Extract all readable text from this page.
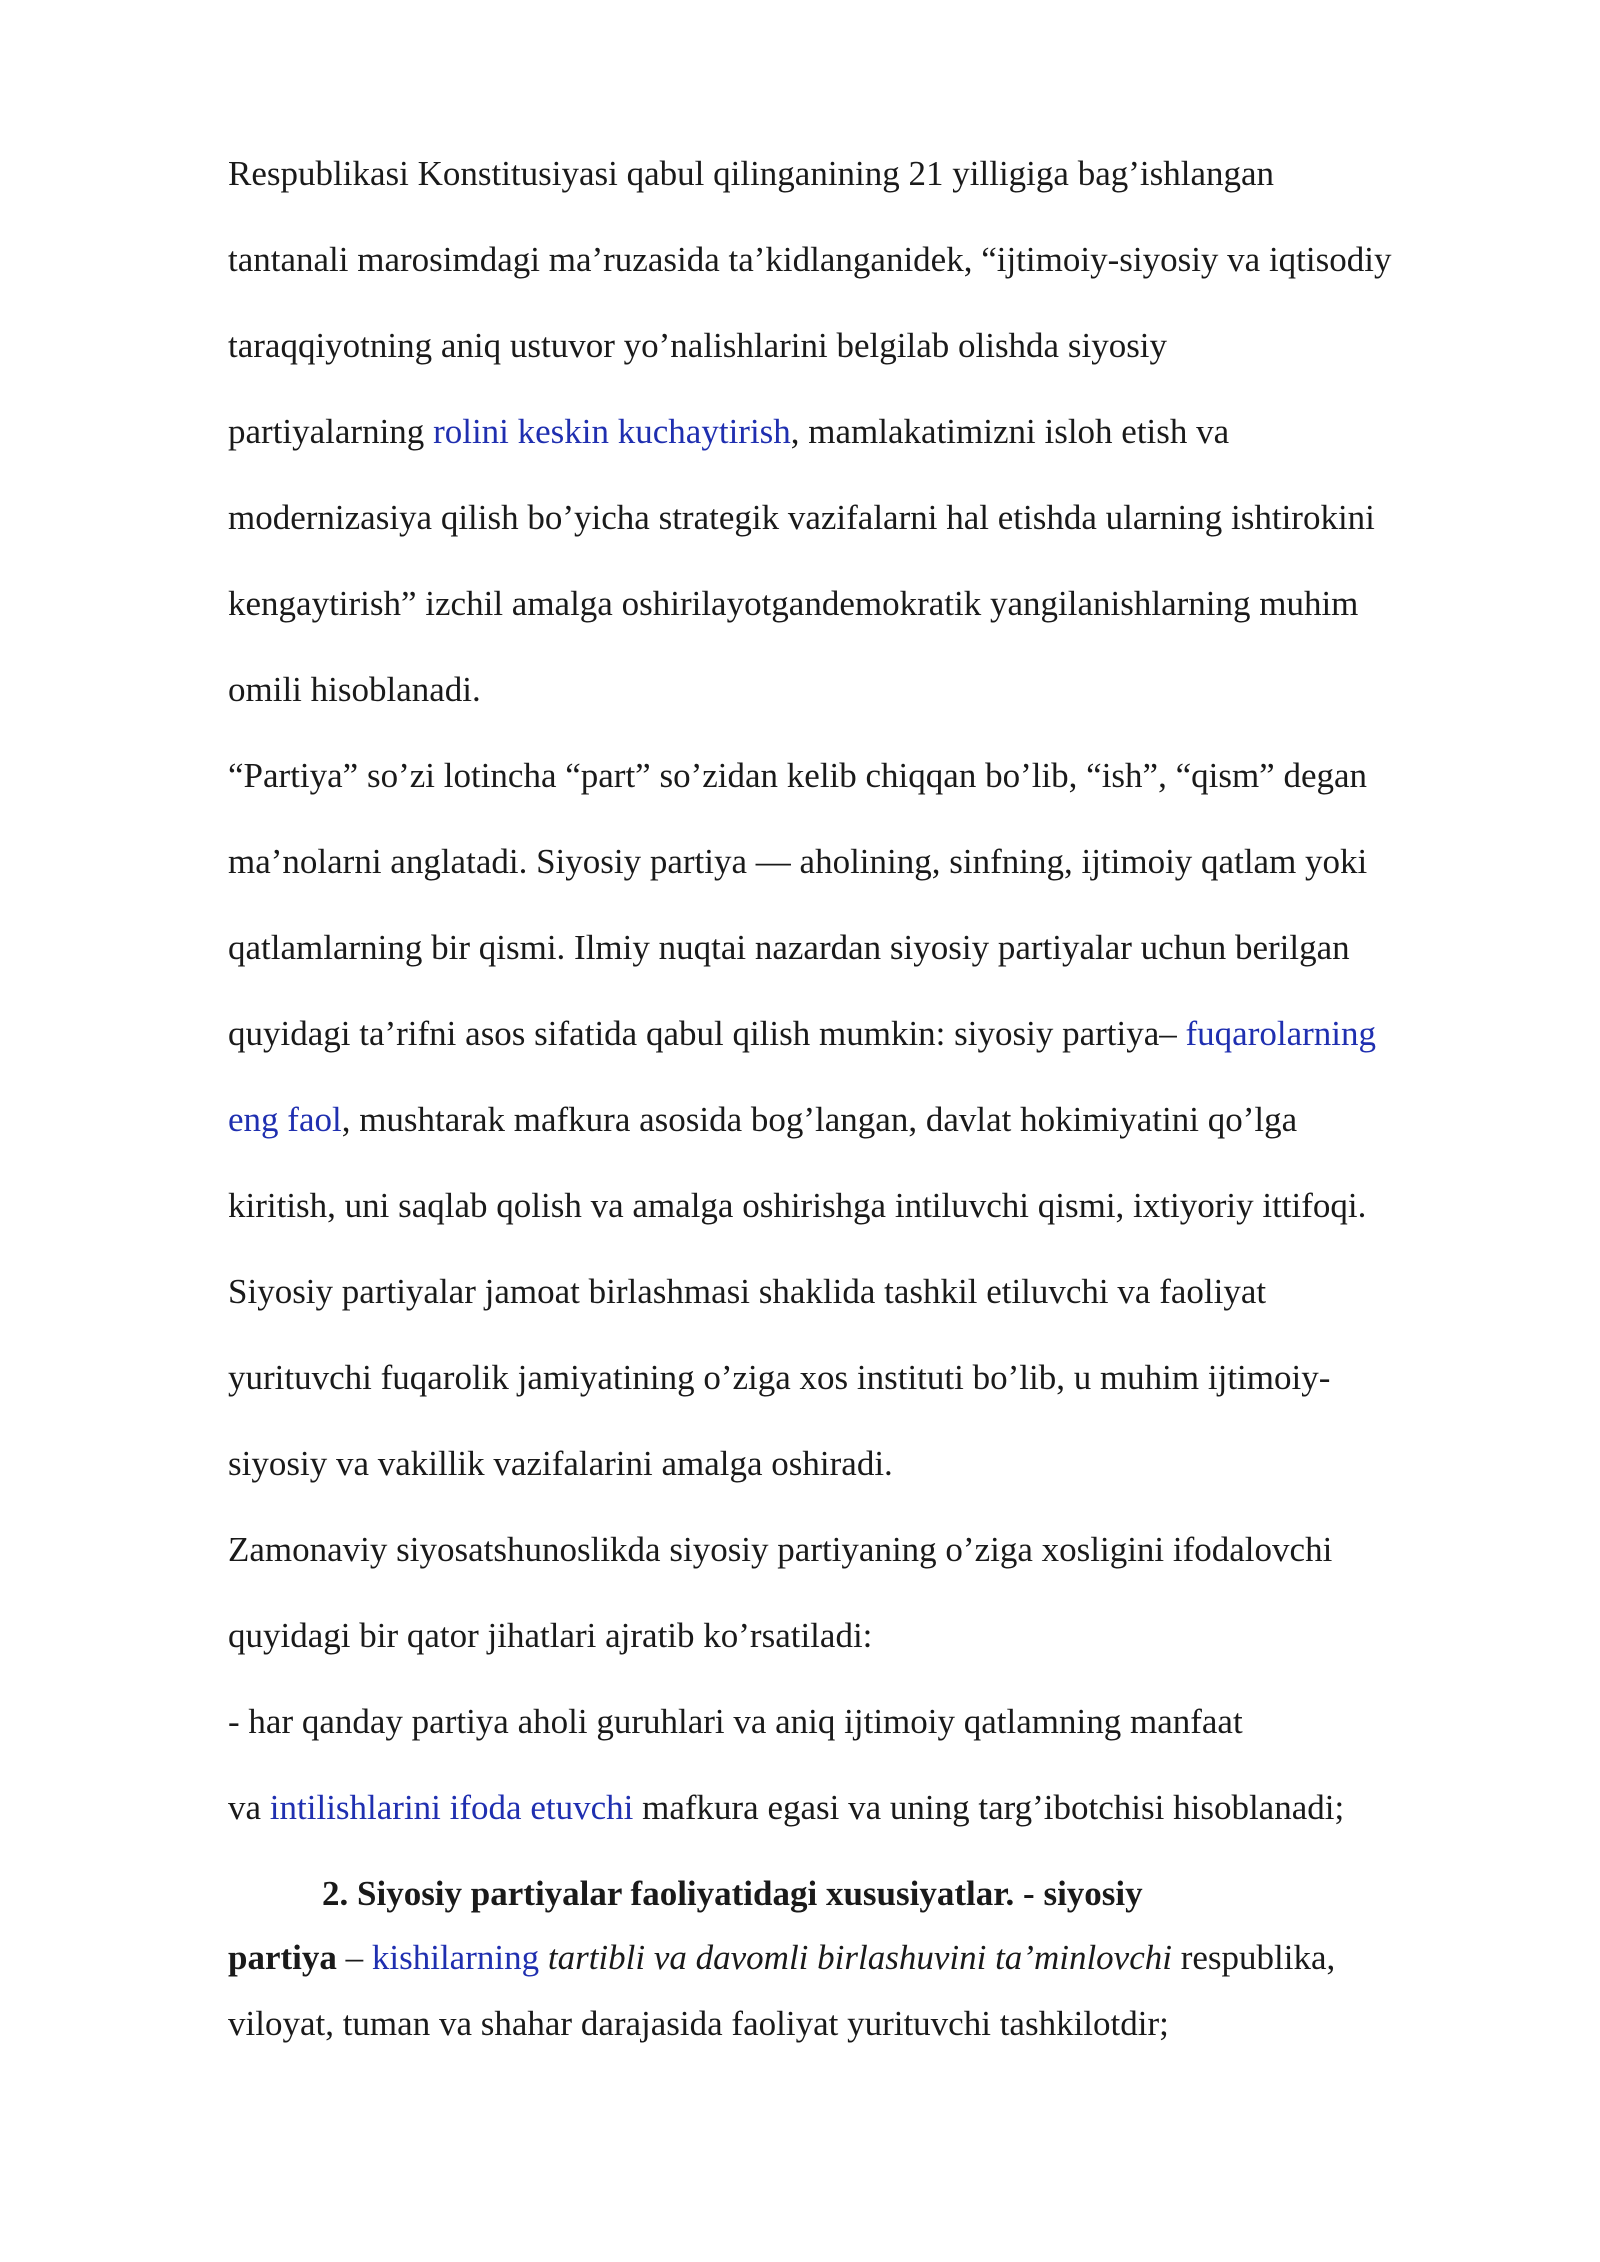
Respublikasi Konstitusiyasi qabul qilinganining 21 yilligiga bag’ishlangan
tantanali marosimdagi ma’ruzasida ta’kidlanganidek, “ijtimoiy-siyosiy va iqtisodiy
taraqqiyotning aniq ustuvor yo’nalishlarini belgilab olishda siyosiy
partiyalarning rolini keskin kuchaytirish, mamlakatimizni isloh etish va
modernizasiya qilish bo’yicha strategik vazifalarni hal etishda ularning ishtirokini
kengaytirish” izchil amalga oshirilayotgandemokratik yangilanishlarning muhim
omili hisoblanadi.
“Partiya” so’zi lotincha “part” so’zidan kelib chiqqan bo’lib, “ish”, “qism” degan
ma’nolarni anglatadi. Siyosiy partiya — aholining, sinfning, ijtimoiy qatlam yoki
qatlamlarning bir qismi. Ilmiy nuqtai nazardan siyosiy partiyalar uchun berilgan
quyidagi ta’rifni asos sifatida qabul qilish mumkin: siyosiy partiya– fuqarolarning
eng faol, mushtarak mafkura asosida bog’langan, davlat hokimiyatini qo’lga
kiritish, uni saqlab qolish va amalga oshirishga intiluvchi qismi, ixtiyoriy ittifoqi.
Siyosiy partiyalar jamoat birlashmasi shaklida tashkil etiluvchi va faoliyat
yurituvchi fuqarolik jamiyatining o’ziga xos instituti bo’lib, u muhim ijtimoiy-
siyosiy va vakillik vazifalarini amalga oshiradi.
Zamonaviy siyosatshunoslikda siyosiy partiyaning o’ziga xosligini ifodalovchi
quyidagi bir qator jihatlari ajratib ko’rsatiladi:
- har qanday partiya aholi guruhlari va aniq ijtimoiy qatlamning manfaat
va intilishlarini ifoda etuvchi mafkura egasi va uning targ’ibotchisi hisoblanadi;
2. Siyosiy partiyalar faoliyatidagi xususiyatlar. - siyosiy
partiya – kishilarning tartibli va davomli birlashuvini ta’minlovchi respublika,
viloyat, tuman va shahar darajasida faoliyat yurituvchi tashkilotdir;
